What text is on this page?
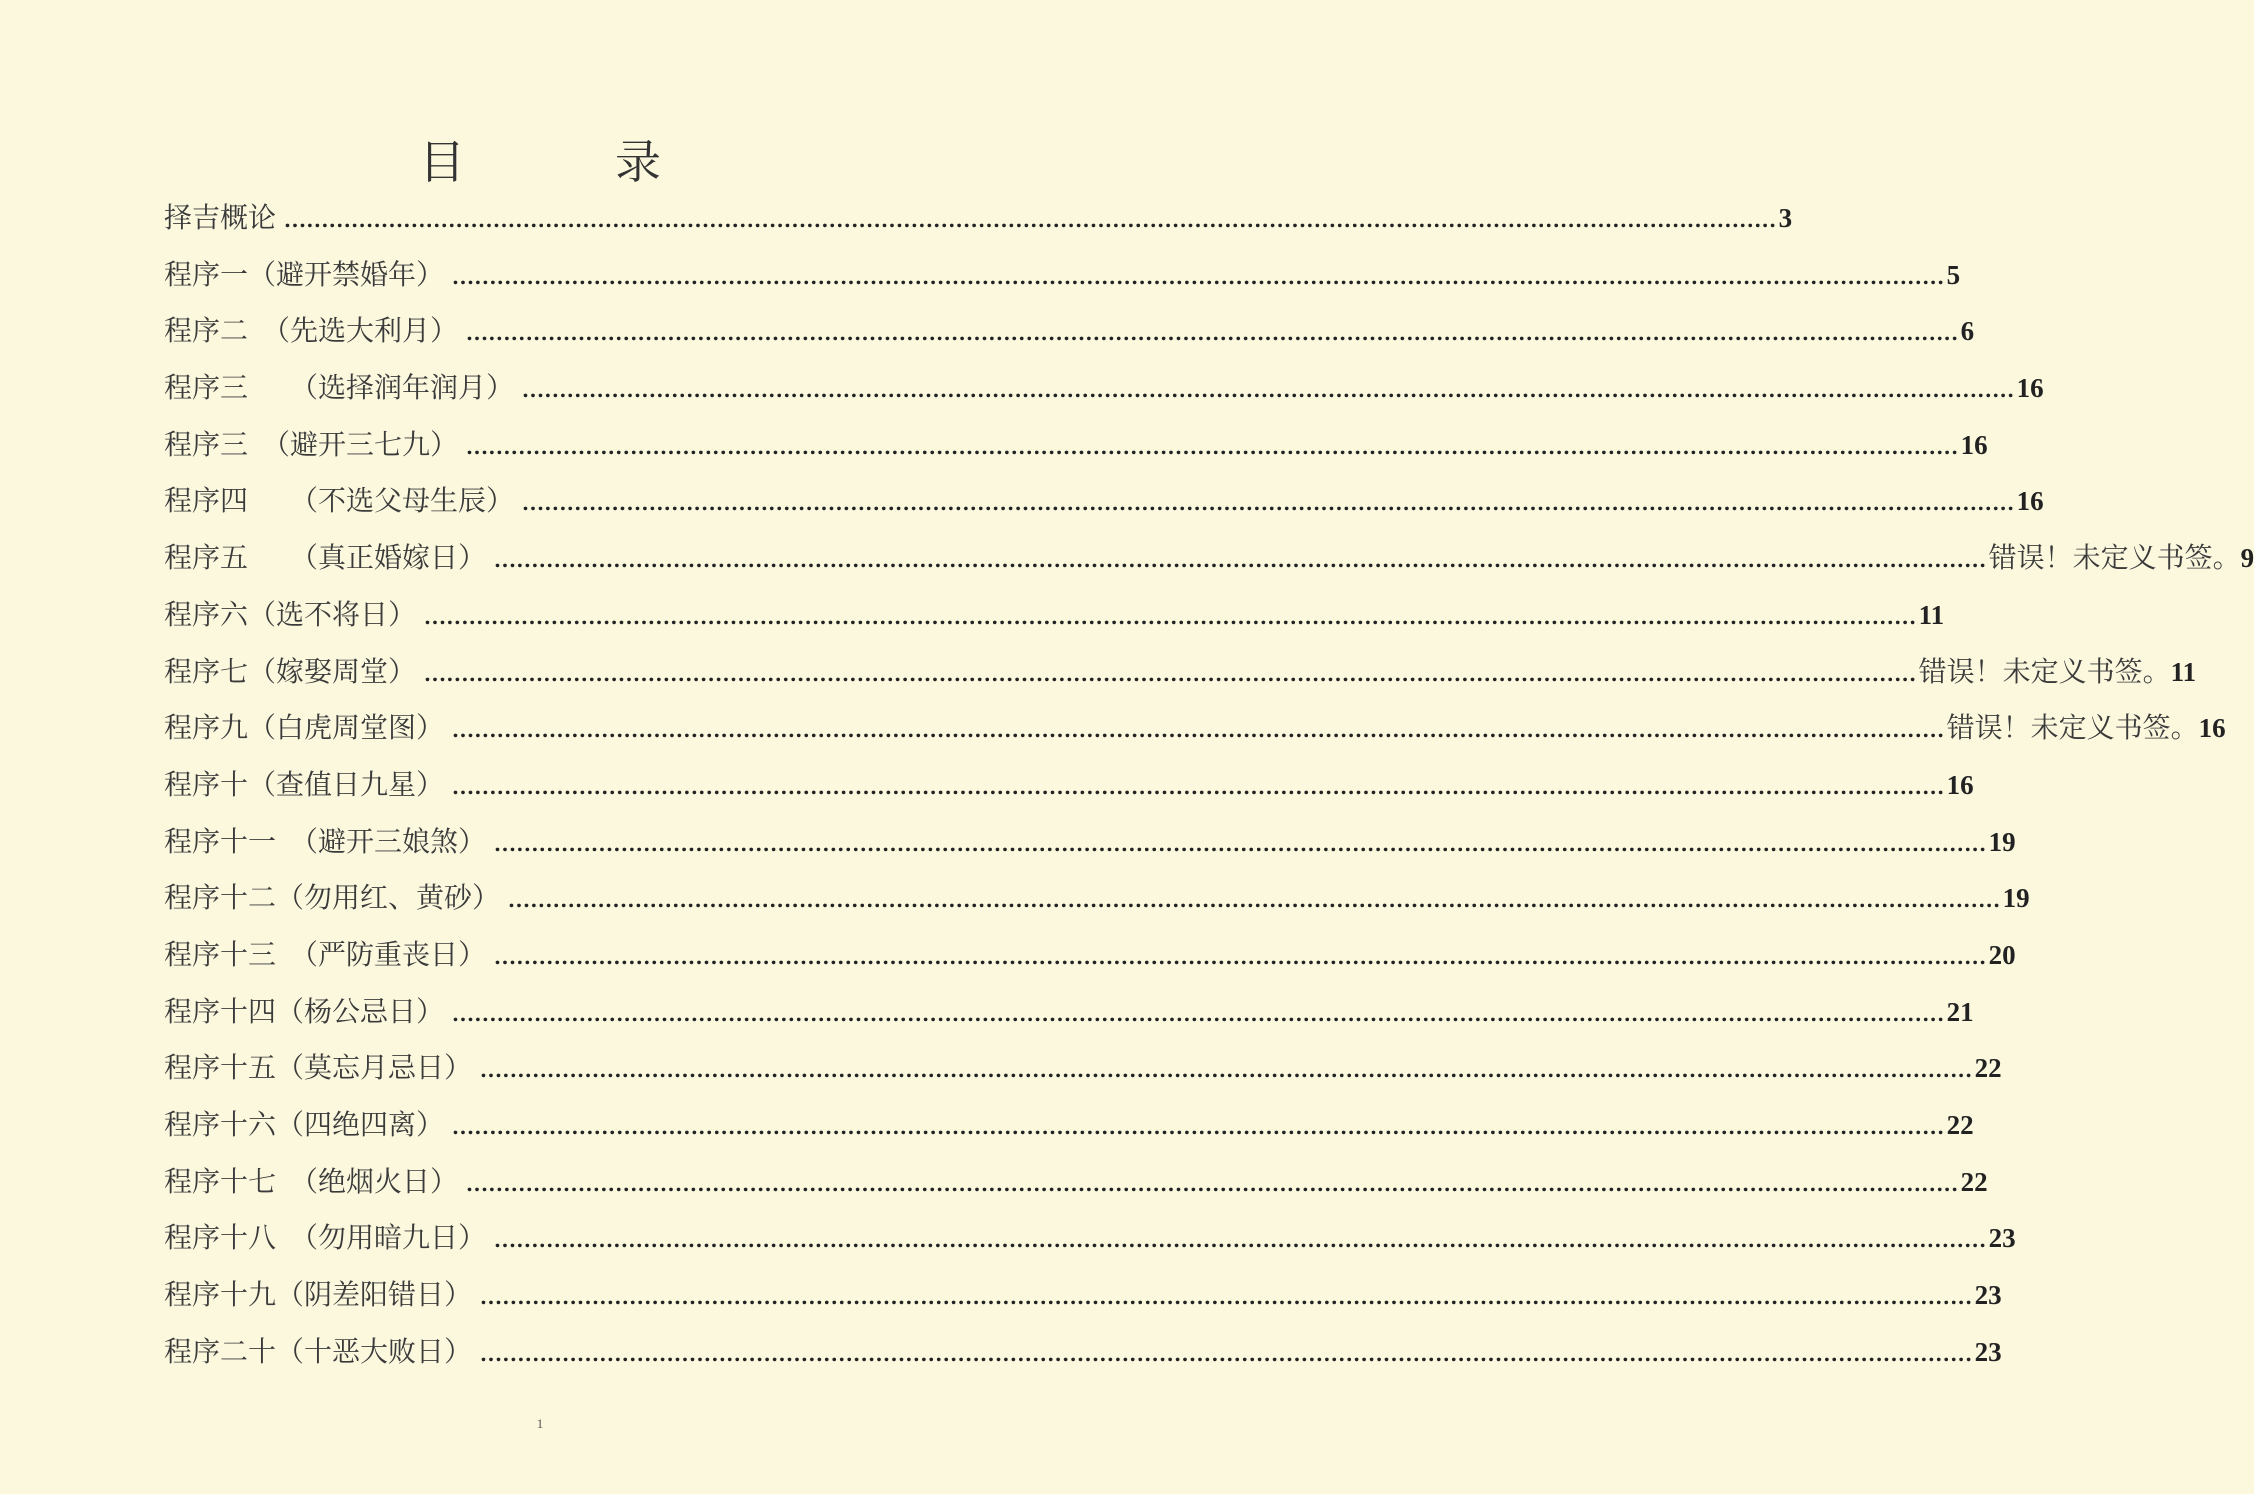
目　录
择吉概论 ........................................................................................................................................................................................................ 3
程序一（避开禁婚年） ........................................................................................................................................................................................................ 5
程序二　（先选大利月） ........................................................................................................................................................................................................ 6
程序三　　（选择润年润月） ........................................................................................................................................................................................................ 16
程序三　（避开三七九） ........................................................................................................................................................................................................ 16
程序四　　（不选父母生辰） ........................................................................................................................................................................................................ 16
程序五　　（真正婚嫁日） ........................................................................................................................................................................................................ 错误！未定义书签。 9
程序六（选不将日） ........................................................................................................................................................................................................ 11
程序七（嫁娶周堂） ........................................................................................................................................................................................................ 错误！未定义书签。 11
程序九（白虎周堂图） ........................................................................................................................................................................................................ 错误！未定义书签。 16
程序十（查值日九星） ........................................................................................................................................................................................................ 16
程序十一　（避开三娘煞） ........................................................................................................................................................................................................ 19
程序十二（勿用红、黄砂） ........................................................................................................................................................................................................ 19
程序十三　（严防重丧日） ........................................................................................................................................................................................................ 20
程序十四（杨公忌日） ........................................................................................................................................................................................................ 21
程序十五（莫忘月忌日） ........................................................................................................................................................................................................ 22
程序十六（四绝四离） ........................................................................................................................................................................................................ 22
程序十七　（绝烟火日） ........................................................................................................................................................................................................ 22
程序十八　（勿用暗九日） ........................................................................................................................................................................................................ 23
程序十九（阴差阳错日） ........................................................................................................................................................................................................ 23
程序二十（十恶大败日） ........................................................................................................................................................................................................ 23
1
